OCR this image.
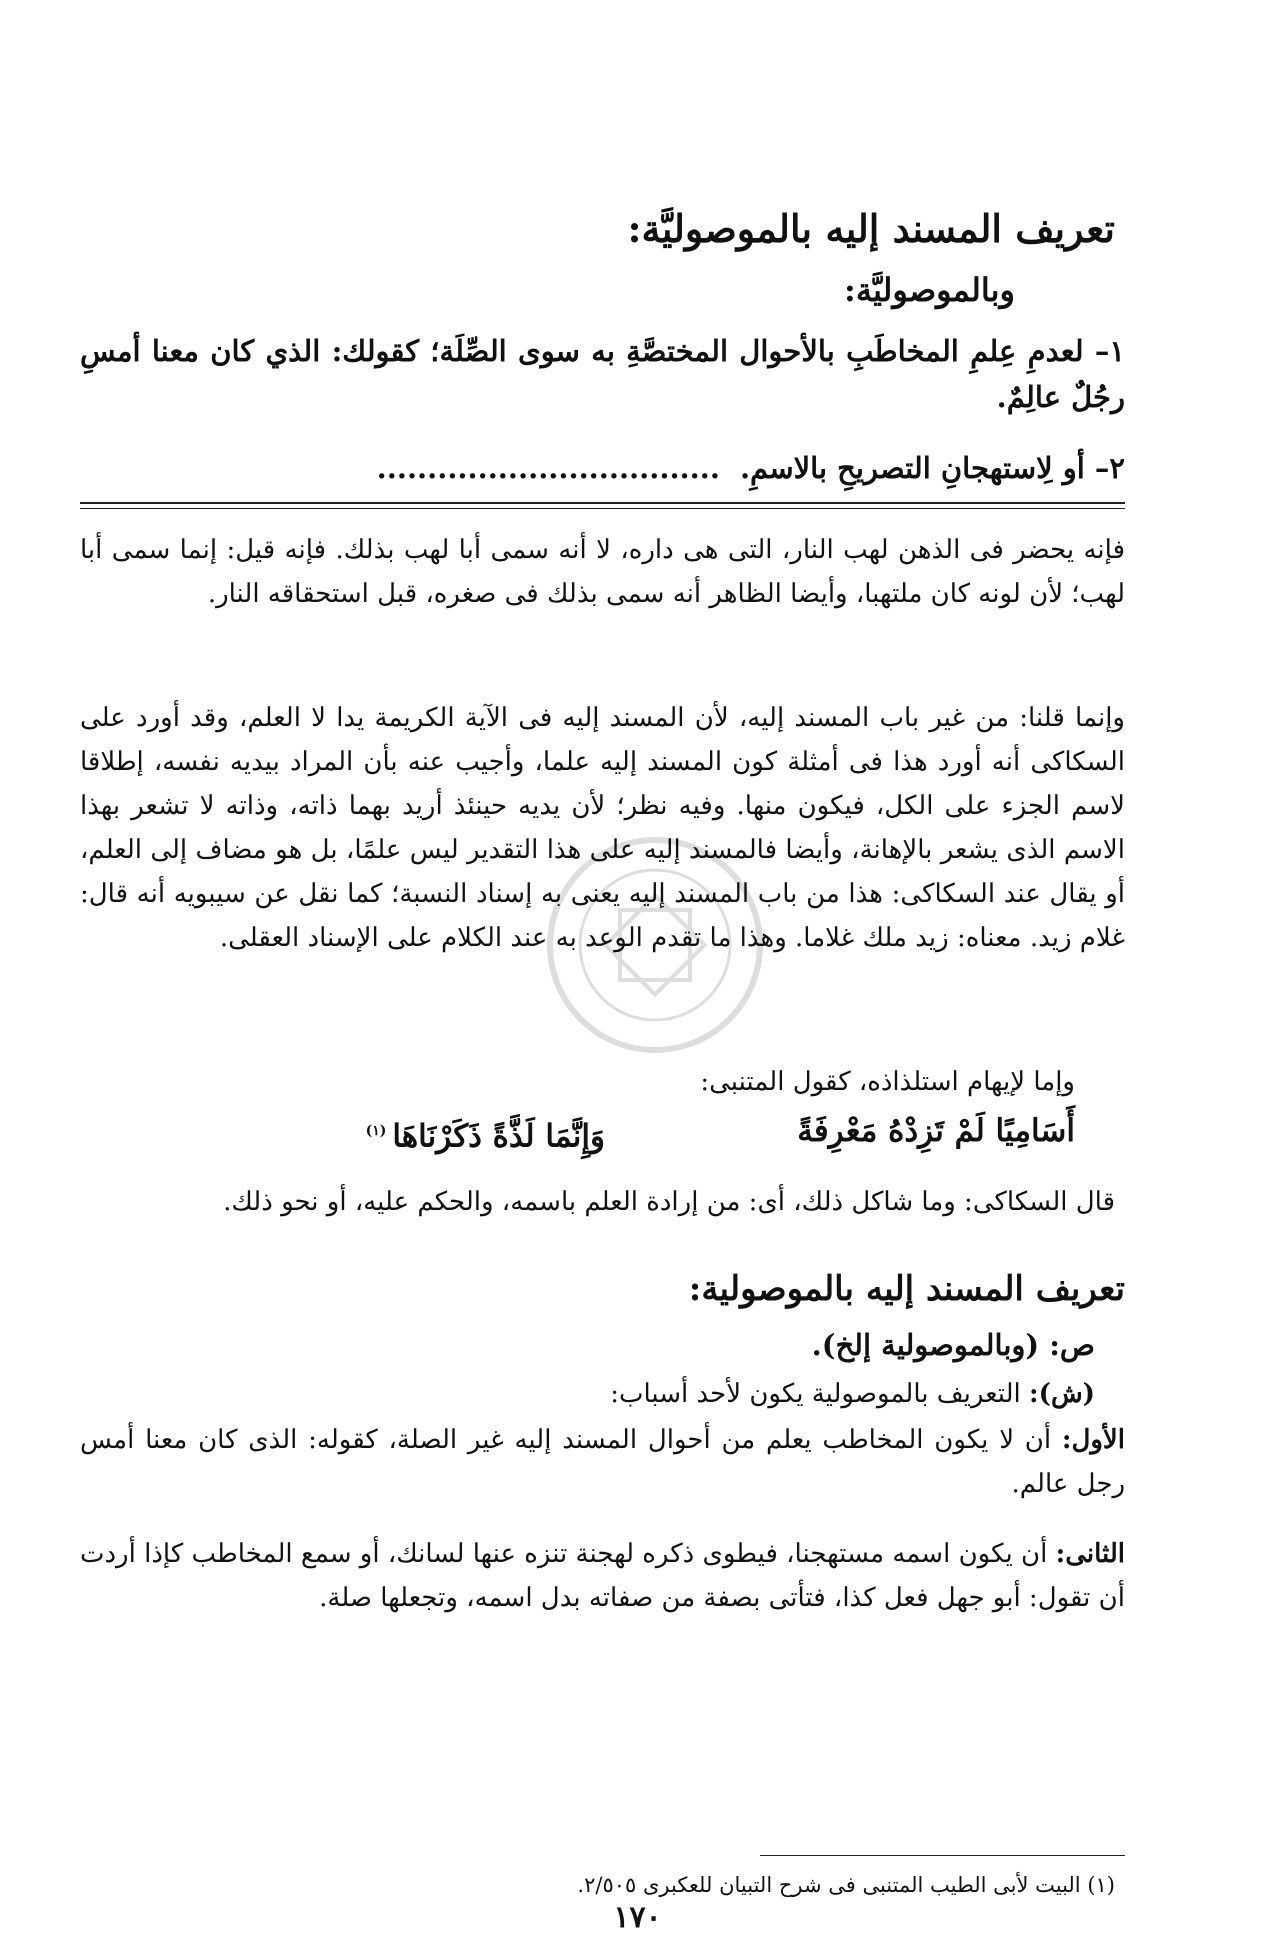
تعريف المسند إليه بالموصوليَّة:
وبالموصوليَّة:
١– لعدمِ عِلمِ المخاطَبِ بالأحوال المختصَّةِ به سوى الصِّلَة؛ كقولك: الذي كان معنا أمسِ رجُلٌ عالِمٌ.
٢– أو لِاستهجانِ التصريحِ بالاسمِ...................................
فإنه يحضر فى الذهن لهب النار، التى هى داره، لا أنه سمى أبا لهب بذلك. فإنه قيل: إنما سمى أبا لهب؛ لأن لونه كان ملتهبا، وأيضا الظاهر أنه سمى بذلك فى صغره، قبل استحقاقه النار.
وإنما قلنا: من غير باب المسند إليه، لأن المسند إليه فى الآية الكريمة يدا لا العلم، وقد أورد على السكاكى أنه أورد هذا فى أمثلة كون المسند إليه علما، وأجيب عنه بأن المراد بيديه نفسه، إطلاقا لاسم الجزء على الكل، فيكون منها. وفيه نظر؛ لأن يديه حينئذ أريد بهما ذاته، وذاته لا تشعر بهذا الاسم الذى يشعر بالإهانة، وأيضا فالمسند إليه على هذا التقدير ليس علمًا، بل هو مضاف إلى العلم، أو يقال عند السكاكى: هذا من باب المسند إليه يعنى به إسناد النسبة؛ كما نقل عن سيبويه أنه قال: غلام زيد. معناه: زيد ملك غلاما. وهذا ما تقدم الوعد به عند الكلام على الإسناد العقلى.
وإما لإيهام استلذاذه، كقول المتنبى:
أَسَامِيًا لَمْ تَزِدْهُ مَعْرِفَةً
وَإِنَّمَا لَذَّةً ذَكَرْنَاهَا$^{(١)}$
قال السكاكى: وما شاكل ذلك، أى: من إرادة العلم باسمه، والحكم عليه، أو نحو ذلك.
تعريف المسند إليه بالموصولية:
ص: (وبالموصولية إلخ).
(ش): التعريف بالموصولية يكون لأحد أسباب:
الأول: أن لا يكون المخاطب يعلم من أحوال المسند إليه غير الصلة، كقوله: الذى كان معنا أمس رجل عالم.
الثانى: أن يكون اسمه مستهجنا، فيطوى ذكره لهجنة تنزه عنها لسانك، أو سمع المخاطب كإذا أردت أن تقول: أبو جهل فعل كذا، فتأتى بصفة من صفاته بدل اسمه، وتجعلها صلة.
(١) البيت لأبى الطيب المتنبى فى شرح التبيان للعكبرى ٢/٥٠٥.
١٧٠
